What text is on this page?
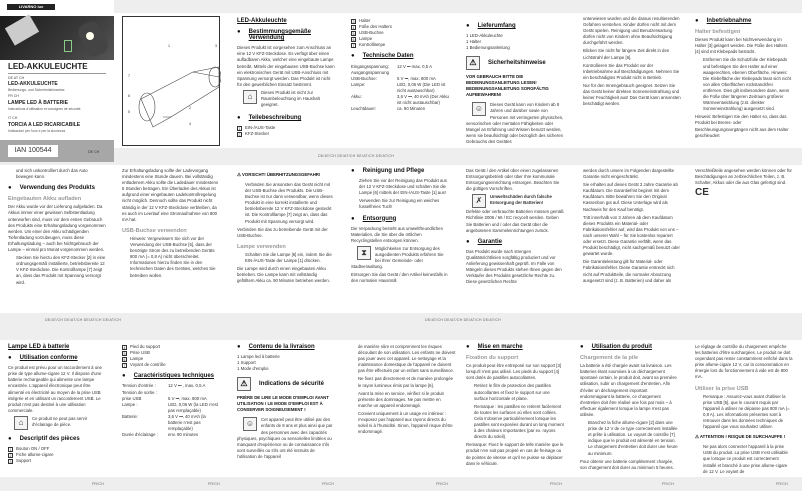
LIVARNO lux
LED-AKKULEUCHTE
DE AT CH
LED-AKKULEUCHTE
Bedienungs- und Sicherheitshinweise
FR CH
LAMPE LED À BATTERIE
Instructions d'utilisation et consignes de sécurité
IT CH
TORCIA A LED RICARICABILE
Indicazioni per l'uso e per la sicurezza
IAN 100544	DE CH
1	3
2
4
6
5
7
LED-Akkuleuchte
● Bestimmungsgemäße Verwendung

Dieses Produkt ist vorgesehen zum Anschluss an eine 12 V KFZ-Steckdose. Es verfügt über einen aufladbaren Akku, welcher eine eingebaute Lampe betreibt. Mittels der eingebauten USB-Buchse kann ein elektronisches Gerät mit USB-Anschluss mit Spannung versorgt werden. Das Produkt ist nicht für den gewerblichen Einsatz bestimmt.

⌂	Dieses Produkt ist nicht zur Raumbeleuchtung im Haushalt geeignet.

● Teilebeschreibung
1	EIN-/AUS-Taste
2	KFZ-Stecker
3	Halter
4	Füße des Halters
5	USB-Buchse
6	Lampe
7	Kontrolllampe
● Technische Daten
Eingangsspannung:	12 V ⎓ max. 0,5 A
Ausgangsspannung
USB-Buchse:	5 V ⎓, max. 800 mA
Lampe:	LED, 0,06 W (Die LED ist nicht austauschbar)
Akku:	3,6 V ⎓, 40 mAh (Der Akku ist nicht austauschbar)
Leuchtdauer:	ca. 90 Minuten
● Lieferumfang
1 LED-Akkuleuchte
1 Halter
1 Bedienungsanleitung
⚠	Sicherheitshinweise
VOR GEBRAUCH BITTE DIE BEDIENUNGSANLEITUNG LESEN! BEDIENUNGSANLEITUNG SORGFÄLTIG AUFBEWAHREN!

☺	Dieses Gerät kann von Kindern ab 8 Jahren und darüber sowie von Personen mit verringerten physischen, sensorischen oder mentalen Fähigkeiten oder Mangel an Erfahrung und Wissen benutzt werden, wenn sie beaufsichtigt oder bezüglich des sicheren Gebrauchs des Gerätes

unterwiesen wurden und die daraus resultierenden Gefahren verstehen. Kinder dürfen nicht mit dem Gerät spielen. Reinigung und Benutzerwartung dürfen nicht von Kindern ohne Beaufsichtigung durchgeführt werden.

Blicken Sie nicht für längere Zeit direkt in den Lichtstrahl der Lampe [6].

Kontrollieren Sie das Produkt vor der Inbetriebnahme auf Beschädigungen. Nehmen Sie ein beschädigtes Produkt nicht in Betrieb.

Nur für den Innengebrauch geeignet. Setzen Sie das Gerät keiner direkten Sonneneinstrahlung und keiner Feuchtigkeit aus! Das Gerät kann ansonsten beschädigt werden.

● Inbetriebnahme
Halter befestigen

Dieses Produkt kann bei Nichtverwendung im Halter [3] gelagert werden. Die Füße des Halters [4] sind mit Klebepads bestückt.

Entfernen Sie die Schutzfolie der Klebepads und befestigen Sie den Halter auf einer waagerechten, ebenen Oberfläche. Hinweis: Die Klebefläche der Klebepads lässt sich nicht von allen Oberflächen rückstandsfrei entfernen. Dies gilt insbesondere dann, wenn die Füße über längeren Zeitraum größerer Wärmeentwicklung (z.B. direkter Sonneneinstrahlung) ausgesetzt sind.

Hinweis: Befestigen Sie den Halter so, dass das Produkt bei Brems- oder Beschleunigungsvorgängen nicht aus dem Halter geschleudert

DE/AT/CH DE/AT/CH DE/AT/CH DE/AT/CH

und sich unkontrolliert durch das Auto bewegen kann.

● Verwendung des Produkts
Eingebauten Akku aufladen

Der Akku wurde vor der Lieferung aufgeladen. Da Akkus immer einer gewissen Selbstentladung unterworfen sind, muss vor dem ersten Gebrauch des Produkts eine Erhaltungsladung vorgenommen werden. Um einer den Akku schädigenden Tiefentladung vorzubeugen, muss diese Erhaltungsladung – auch bei Nichtgebrauch der Lampe – einmal pro Monat vorgenommen werden.

Stecken Sie hierzu den KFZ-Stecker [2] in eine ordnungsgemäß installierte, betriebsbereite 12 V KFZ-Steckdose. Die Kontrolllampe [7] zeigt an, dass das Produkt mit Spannung versorgt wird.

Zur Erhaltungsladung sollte der Ladevorgang mindestens eine Stunde dauern. Bei vollständig entladenem Akku sollte die Ladedauer mindestens 5 Stunden betragen. Ein Überladen des Akkus ist aufgrund einer eingebauten Ladekontrollregelung nicht möglich. Dennoch sollte das Produkt nicht ständig in der 12 V KFZ-Steckdose verbleiben, da es auch im Leerlauf eine Stromaufnahme von 800 mA hat.

USB-Buchse verwenden

Hinweis: Vergewissern Sie sich vor der Verwendung der USB-Buchse [5], dass der benötigte Strom des zu betreibenden Geräts 800 mA (= 0,8 A) nicht überschreitet. Informationen hierzu finden Sie in den technischen Daten des Gerätes, welches Sie betreiben wollen.

⚠ VORSICHT! ÜBERHITZUNGSGEFAHR!

Verbinden Sie ansonsten das Gerät nicht mit der USB-Buchse des Produkts. Die USB-Buchse ist nur dann verwendbar, wenn dieses Produkt in eine korrekt installierte und betriebsbereite 12 V KFZ-Steckdose gesteckt ist. Die Kontrolllampe [7] zeigt an, dass das Produkt mit Spannung versorgt wird.

Verbinden Sie das zu betreibende Gerät mit der USB-Buchse.

Lampe verwenden

Schalten Sie die Lampe [6] ein, indem Sie die EIN-/AUS-Taste der Lampe [1] drücken.

Die Lampe wird durch einen eingebauten Akku betrieben. Die Lampe kann mit vollständig gefülltem Akku ca. 90 Minuten betrieben werden.

● Reinigung und Pflege

Ziehen Sie vor der Reinigung das Produkt aus der 12 V KFZ-Steckdose und schalten Sie die Lampe [6] mittels der EIN-/AUS-Taste [1] aus!

Verwenden Sie zur Reinigung ein weiches fusselfreies Tuch!

● Entsorgung

Die Verpackung besteht aus umweltfreundlichen Materialien, die Sie über die örtlichen Recyclingstellen entsorgen können.

⧗	Möglichkeiten zur Entsorgung des ausgedienten Produkts erfahren Sie bei Ihrer Gemeinde- oder Stadtverwaltung.

Entsorgen Sie das Gerät / den Artikel keinesfalls in den normalen Hausmüll.

Das Gerät / den Artikel über einen zugelassenen Entsorgungsbetrieb oder über Ihre kommunale Entsorgungseinrichtung entsorgen. Beachten Sie die gültigen Vorschriften.

✗	Umweltschäden durch falsche Entsorgung der Batterien!

Defekte oder verbrauchte Batterien müssen gemäß Richtlinie 2006 / 66 / EC recycelt werden. Geben Sie Batterien und / oder das Gerät über die angebotenen Sammeleinrichtungen zurück.

● Garantie

Das Produkt wurde nach strengen Qualitätsrichtlinien sorgfältig produziert und vor Anlieferung gewissenhaft geprüft. Im Falle von Mängeln dieses Produkts stehen Ihnen gegen den Verkäufer des Produkts gesetzliche Rechte zu. Diese gesetzlichen Rechte

werden durch unsere im Folgenden dargestellte Garantie nicht eingeschränkt.

Sie erhalten auf dieses Gerät 3 Jahre Garantie ab Kaufdatum. Die Garantiefrist beginnt mit dem Kaufdatum. Bitte bewahren Sie den Original Kassenbon gut auf. Diese Unterlage wird als Nachweis für den Kauf benötigt.

Tritt innerhalb von 3 Jahren ab dem Kaufdatum dieses Produkts ein Material- oder Fabrikationsfehler auf, wird das Produkt von uns – nach unserer Wahl – für Sie kostenlos repariert oder ersetzt. Diese Garantie verfällt, wenn das Produkt beschädigt, nicht sachgemäß benutzt oder gewartet wurde.

Die Garantieleistung gilt für Material- oder Fabrikationsfehler. Diese Garantie erstreckt sich nicht auf Produktteile, die normaler Abnutzung ausgesetzt sind (z. B. Batterien) und daher als

Verschleißteile angesehen werden können oder für Beschädigungen an zerbrechlichen Teilen, z. B. Schalter, Akkus oder die aus Glas gefertigt sind.

CE
DE/AT/CH DE/AT/CH DE/AT/CH DE/AT/CH	DE/AT/CH DE/AT/CH DE/AT/CH DE/AT/CH
Lampe LED à batterie
● Utilisation conforme

Ce produit est prévu pour un raccordement à une prise de type allume-cigare 12 V. Il dispose d'une batterie rechargeable qui alimente une lampe encastrée. L'appareil électronique peut être alimenté en électricité au moyen de la prise USB intégrée et en utilisant un raccordement USB. Le produit n'est pas destiné à une utilisation commerciale.

⌂	Ce produit ne peut pas servir d'éclairage de pièce.

● Descriptif des pièces
1	Bouton ON / OFF
2	Fiche allume-cigare
3	Support
4	Pied du support
5	Prise USB
6	Lampe
7	Voyant de contrôle
● Caractéristiques techniques
Tension d'entrée :	12 V ⎓ , max. 0,5 A
Tension de sortie :
prise USB	5 V ⎓, max. 800 mA
Lampe :	LED, 0,06 W (la LED n'est pas remplaçable)
Batterie:	3,6 V ⎓, 40 mAh (la batterie n'est pas remplaçable)
Durée d'éclairage :	env. 90 minutes
● Contenu de la livraison
1 Lampe led à batterie
1 Support
1 Mode d'emploi
⚠	Indications de sécurité
PRIÈRE DE LIRE LE MODE D'EMPLOI AVANT UTILISATION ! LE MODE D'EMPLOI EST À CONSERVER SOIGNEUSEMENT !

☺	Cet appareil peut être utilisé par des enfants de 8 ans et plus ainsi que par des personnes avec des capacités physiques, psychiques ou sensorielles limitées ou manquant d'expérience ou de connaissance s'ils sont surveillés ou s'ils ont été instruits de l'utilisation de l'appareil

de manière sûre et comprennent les risques découlant de son utilisation. Les enfants ne doivent pas jouer avec cet appareil. Le nettoyage et la maintenance domestique de l'appareil ne doivent pas être effectués par un enfant sans surveillance.

Ne fixez pas directement et de manière prolongée le rayon lumineux émis par la lampe [6].

Avant la mise en service, vérifiez si le produit présente des dommages. Ne pas mettre en marche un appareil endommagé.

Convient uniquement à un usage en intérieur : n'exposez pas l'appareil aux rayons directs du soleil ni à l'humidité. Sinon, l'appareil risque d'être endommagé.

● Mise en marche
Fixation du support

Ce produit peut être entreposé sur son support [3] lorsqu'il n'est pas utilisé. Les pieds du support [4] sont dotés de pastilles autocollantes.

Retirez le film de protection des pastilles autocollantes et fixez le support sur une surface horizontale et plane.

Remarque : les pastilles ne retirent facilement de toutes les surfaces où elles sont collées. Cela s'observe particulièrement lorsque les pastilles sont exposées durant un long moment à des chaleurs importantes (par ex. rayons directs du soleil).

Remarque: Fixez le support de telle manière que le produit n'en soit pas projeté en cas de freinage ou de pointes de vitesse et qu'il ne puisse se déplacer dans le véhicule.

● Utilisation du produit
Chargement de la pile

La batterie a été chargée avant sa livraison. Les batteries étant soumises à un déchargement spontané certain, le produit doit, avant sa première utilisation, subir un chargement d'entretien. Afin d'éviter un déchargement important endommageant la batterie, ce chargement d'entretien doit être réalisé une fois par mois – à effectuer également lorsque la lampe n'est pas utilisée.

Branchez la fiche allume-cigare [2] dans une prise de 12 V de ce type correctement installée et prête à utilisation. Le voyant de contrôle [7] indique que le produit est alimenté en tension. Le chargement d'entretien doit durer une heure au minimum.

Pour obtenir une batterie complètement chargée, son chargement doit durer au minimum 5 heures.

Le réglage de contrôle du chargement empêche les batteries d'être surchargées. Le produit ne doit cependant pas rester constamment enfiché dans la prise allume-cigare 12 V, car la consommation en énergie lors du fonctionnement à vide est de 800 mA.

Utiliser la prise USB

Remarque : Assurez-vous avant d'utiliser la prise USB [5], que le courant requis par l'appareil à utiliser ne dépasse pas 800 mA (= 0,8 A). Les informations présentes sont à retrouver dans les données techniques de l'appareil que vous souhaitez utiliser.

⚠ ATTENTION ! RISQUE DE SURCHAUFFE !

Ne pas alors connecter l'appareil à la prise USB du produit. La prise USB n'est utilisable que lorsque ce produit est correctement installé et branché à une prise allume-cigare de 12 V. Le voyant de

FR/CH	FR/CH	FR/CH	FR/CH	FR/CH	FR/CH	FR/CH
